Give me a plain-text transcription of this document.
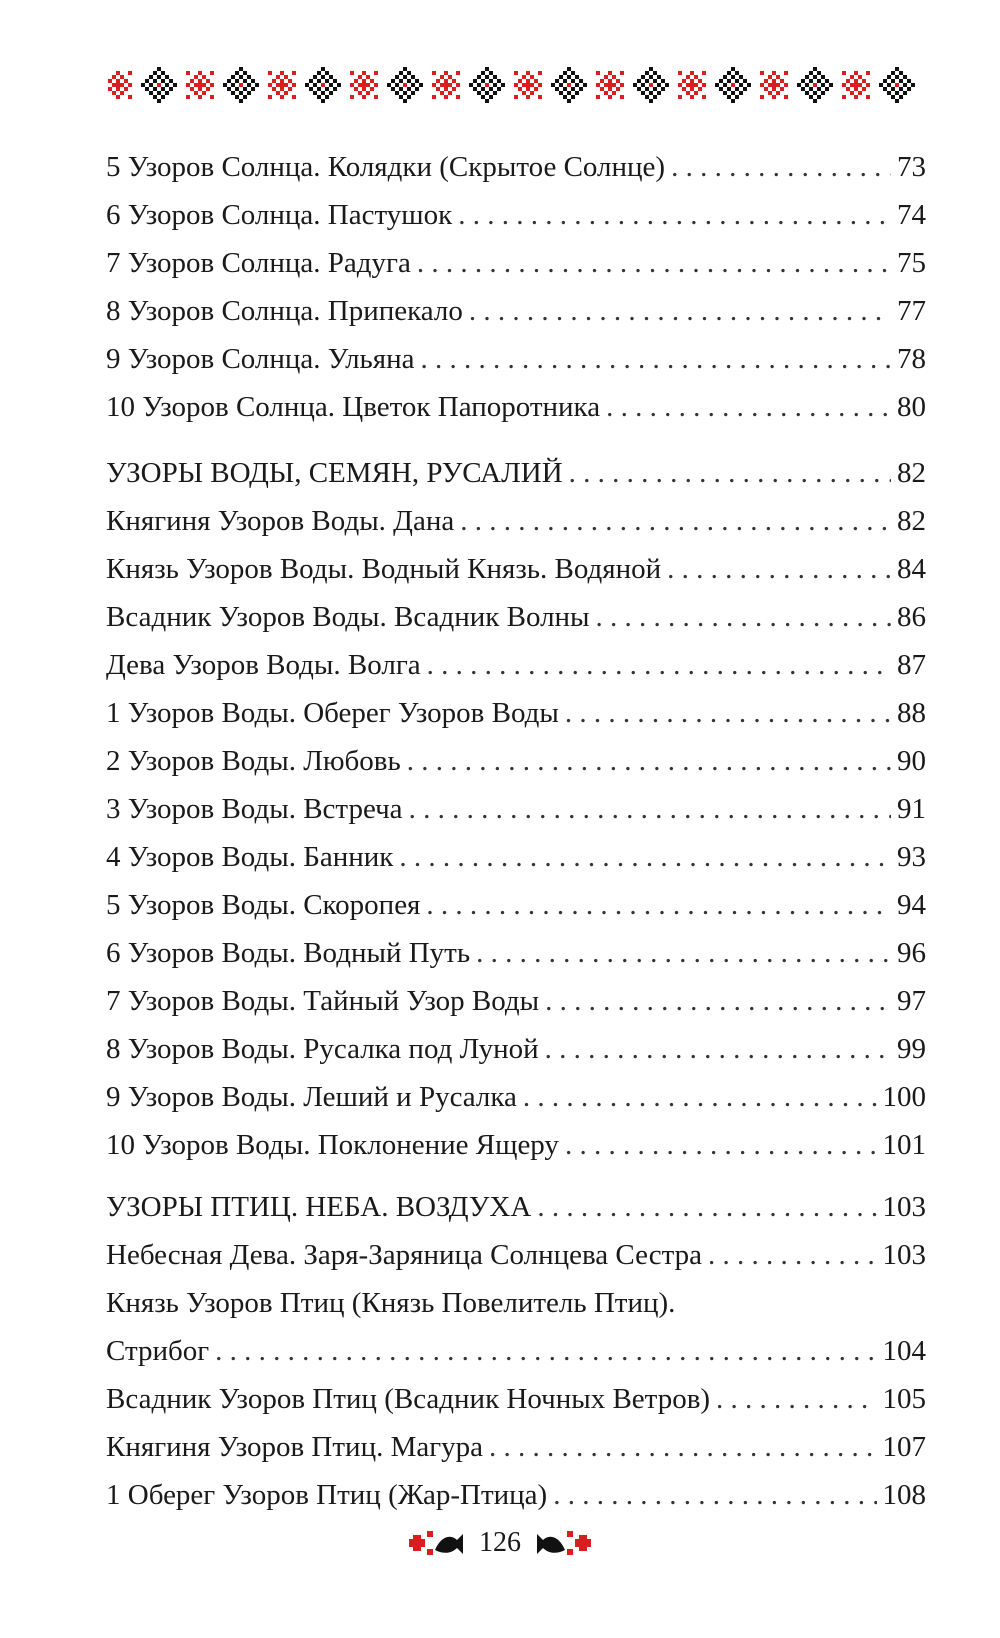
5 Узоров Солнца. Колядки (Скрытое Солнце) . . .	73
6 Узоров Солнца. Пастушок . . .	74
7 Узоров Солнца. Радуга . . .	75
8 Узоров Солнца. Припекало . . .	77
9 Узоров Солнца. Ульяна . . .	78
10 Узоров Солнца. Цветок Папоротника . . .	80
УЗОРЫ ВОДЫ, СЕМЯН, РУСАЛИЙ . . .	82
Княгиня Узоров Воды. Дана . . .	82
Князь Узоров Воды. Водный Князь. Водяной . . .	84
Всадник Узоров Воды. Всадник Волны . . .	86
Дева Узоров Воды. Волга . . .	87
1 Узоров Воды. Оберег Узоров Воды . . .	88
2 Узоров Воды. Любовь . . .	90
3 Узоров Воды. Встреча . . .	91
4 Узоров Воды. Банник . . .	93
5 Узоров Воды. Скоропея . . .	94
6 Узоров Воды. Водный Путь . . .	96
7 Узоров Воды. Тайный Узор Воды . . .	97
8 Узоров Воды. Русалка под Луной . . .	99
9 Узоров Воды. Леший и Русалка . . .	100
10 Узоров Воды. Поклонение Ящеру . . .	101
УЗОРЫ ПТИЦ. НЕБА. ВОЗДУХА . . .	103
Небесная Дева. Заря-Заряница Солнцева Сестра . . .	103
Князь Узоров Птиц (Князь Повелитель Птиц).
Стрибог . . .	104
Всадник Узоров Птиц (Всадник Ночных Ветров) . . .	105
Княгиня Узоров Птиц. Магура . . .	107
1 Оберег Узоров Птиц (Жар-Птица) . . .	108
126
